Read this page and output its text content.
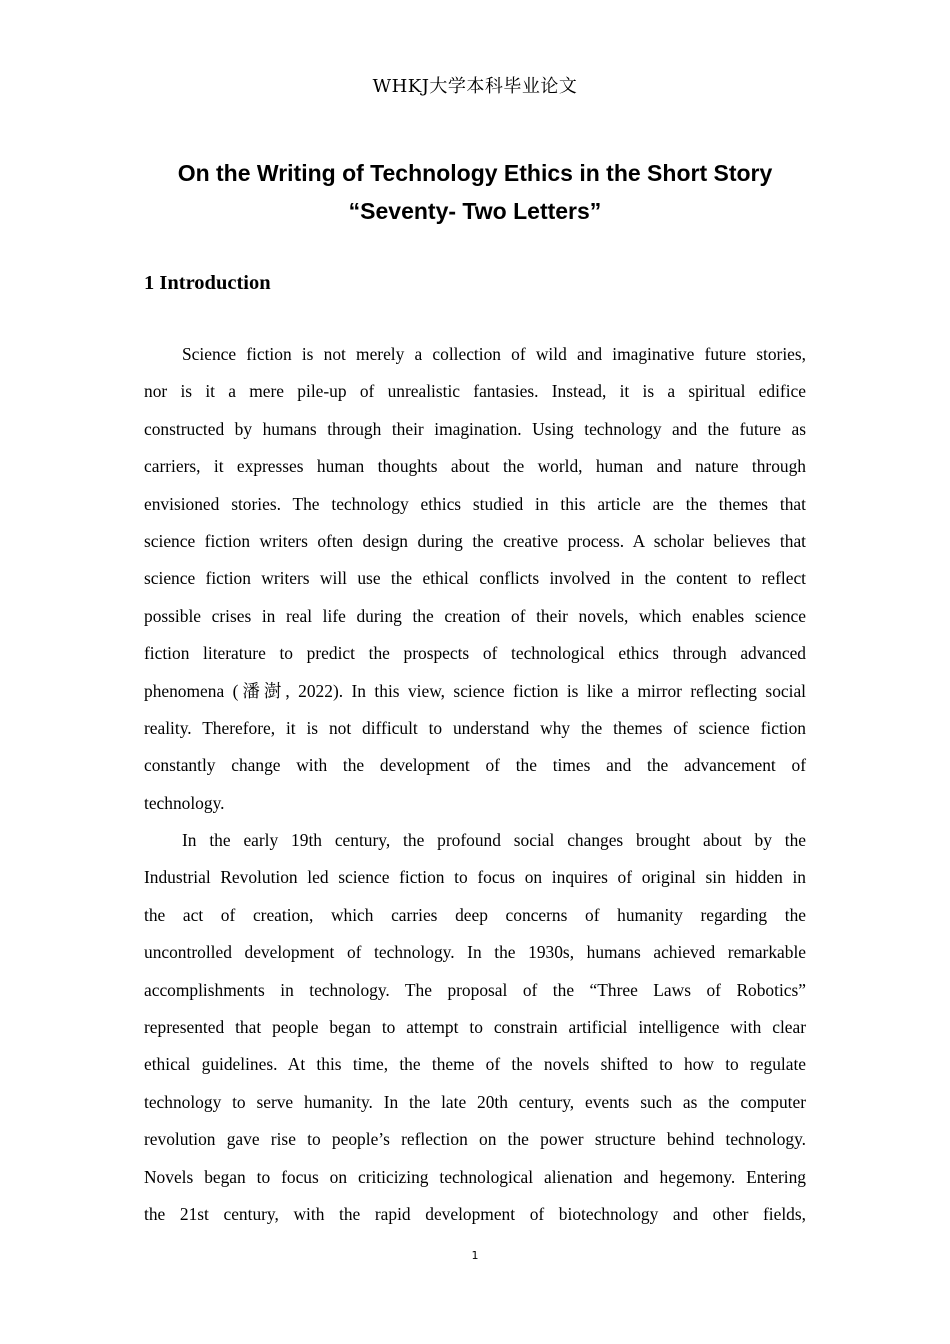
WHKJ大学本科毕业论文
On the Writing of Technology Ethics in the Short Story
“Seventy- Two Letters”
1 Introduction
Science fiction is not merely a collection of wild and imaginative future stories,
nor is it a mere pile-up of unrealistic fantasies. Instead, it is a spiritual edifice
constructed by humans through their imagination. Using technology and the future as
carriers, it expresses human thoughts about the world, human and nature through
envisioned stories. The technology ethics studied in this article are the themes that
science fiction writers often design during the creative process. A scholar believes that
science fiction writers will use the ethical conflicts involved in the content to reflect
possible crises in real life during the creation of their novels, which enables science
fiction literature to predict the prospects of technological ethics through advanced
phenomena (潘澍, 2022). In this view, science fiction is like a mirror reflecting social
reality. Therefore, it is not difficult to understand why the themes of science fiction
constantly change with the development of the times and the advancement of
technology.
In the early 19th century, the profound social changes brought about by the
Industrial Revolution led science fiction to focus on inquires of original sin hidden in
the act of creation, which carries deep concerns of humanity regarding the
uncontrolled development of technology. In the 1930s, humans achieved remarkable
accomplishments in technology. The proposal of the “Three Laws of Robotics”
represented that people began to attempt to constrain artificial intelligence with clear
ethical guidelines. At this time, the theme of the novels shifted to how to regulate
technology to serve humanity. In the late 20th century, events such as the computer
revolution gave rise to people’s reflection on the power structure behind technology.
Novels began to focus on criticizing technological alienation and hegemony. Entering
the 21st century, with the rapid development of biotechnology and other fields,
1
